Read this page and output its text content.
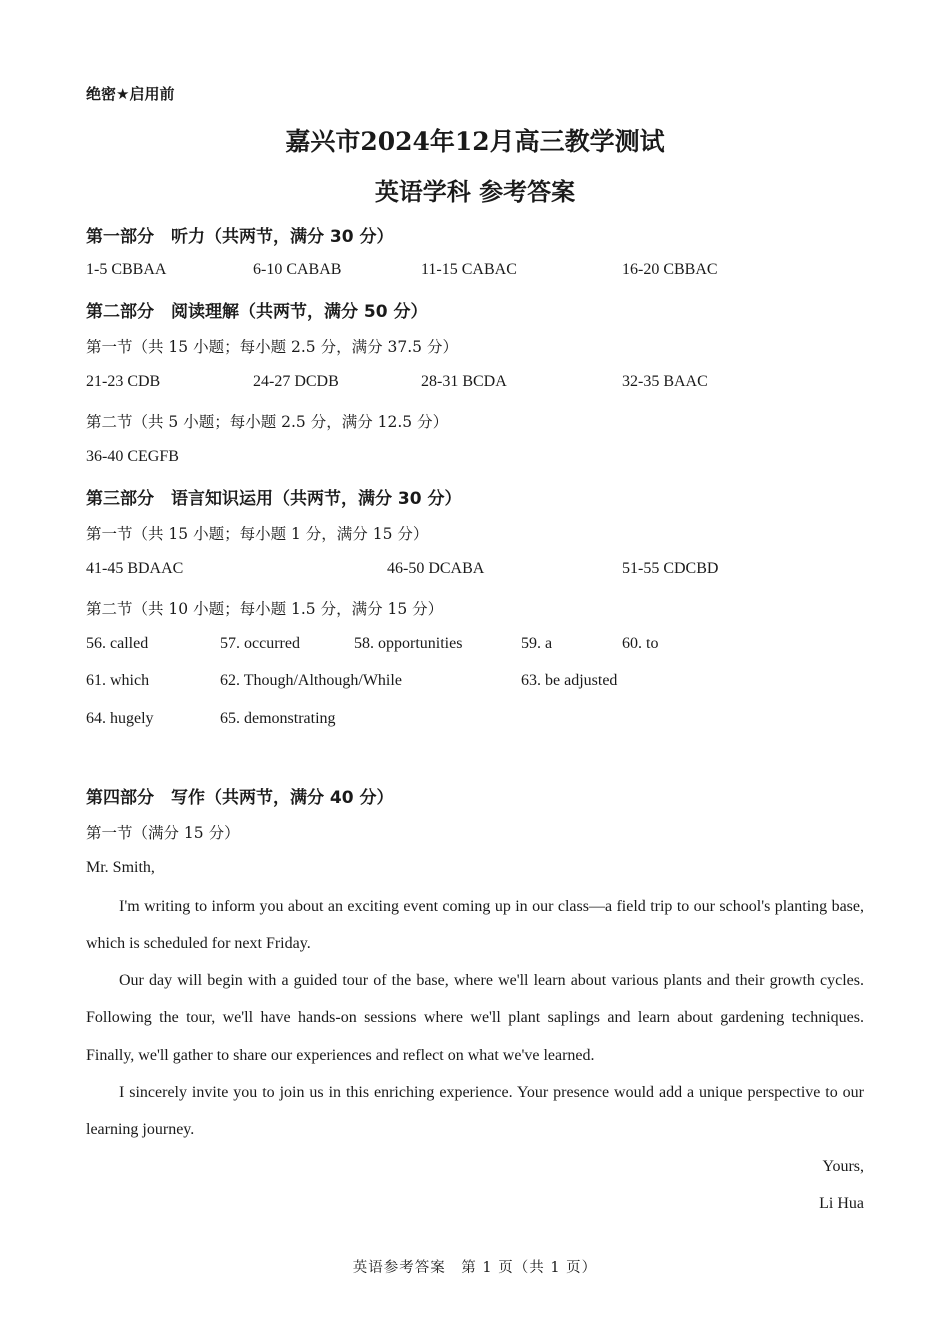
绝密★启用前
嘉兴市2024年12月高三教学测试
英语学科 参考答案
第一部分　听力（共两节，满分 30 分）
1-5 CBBAA	6-10 CABAB	11-15 CABAC	16-20 CBBAC
第二部分　阅读理解（共两节，满分 50 分）
第一节（共 15 小题；每小题 2.5 分，满分 37.5 分）
21-23 CDB	24-27 DCDB	28-31 BCDA	32-35 BAAC
第二节（共 5 小题；每小题 2.5 分，满分 12.5 分）
36-40 CEGFB
第三部分　语言知识运用（共两节，满分 30 分）
第一节（共 15 小题；每小题 1 分，满分 15 分）
41-45 BDAAC	46-50 DCABA	51-55 CDCBD
第二节（共 10 小题；每小题 1.5 分，满分 15 分）
56. called	57. occurred	58. opportunities	59. a	60. to
61. which	62. Though/Although/While	63. be adjusted
64. hugely	65. demonstrating
第四部分　写作（共两节，满分 40 分）
第一节（满分 15 分）
Mr. Smith,
I'm writing to inform you about an exciting event coming up in our class—a field trip to our school's planting base, which is scheduled for next Friday.
Our day will begin with a guided tour of the base, where we'll learn about various plants and their growth cycles. Following the tour, we'll have hands-on sessions where we'll plant saplings and learn about gardening techniques. Finally, we'll gather to share our experiences and reflect on what we've learned.
I sincerely invite you to join us in this enriching experience. Your presence would add a unique perspective to our learning journey.
Yours,
Li Hua
英语参考答案　第 1 页（共 1 页）
